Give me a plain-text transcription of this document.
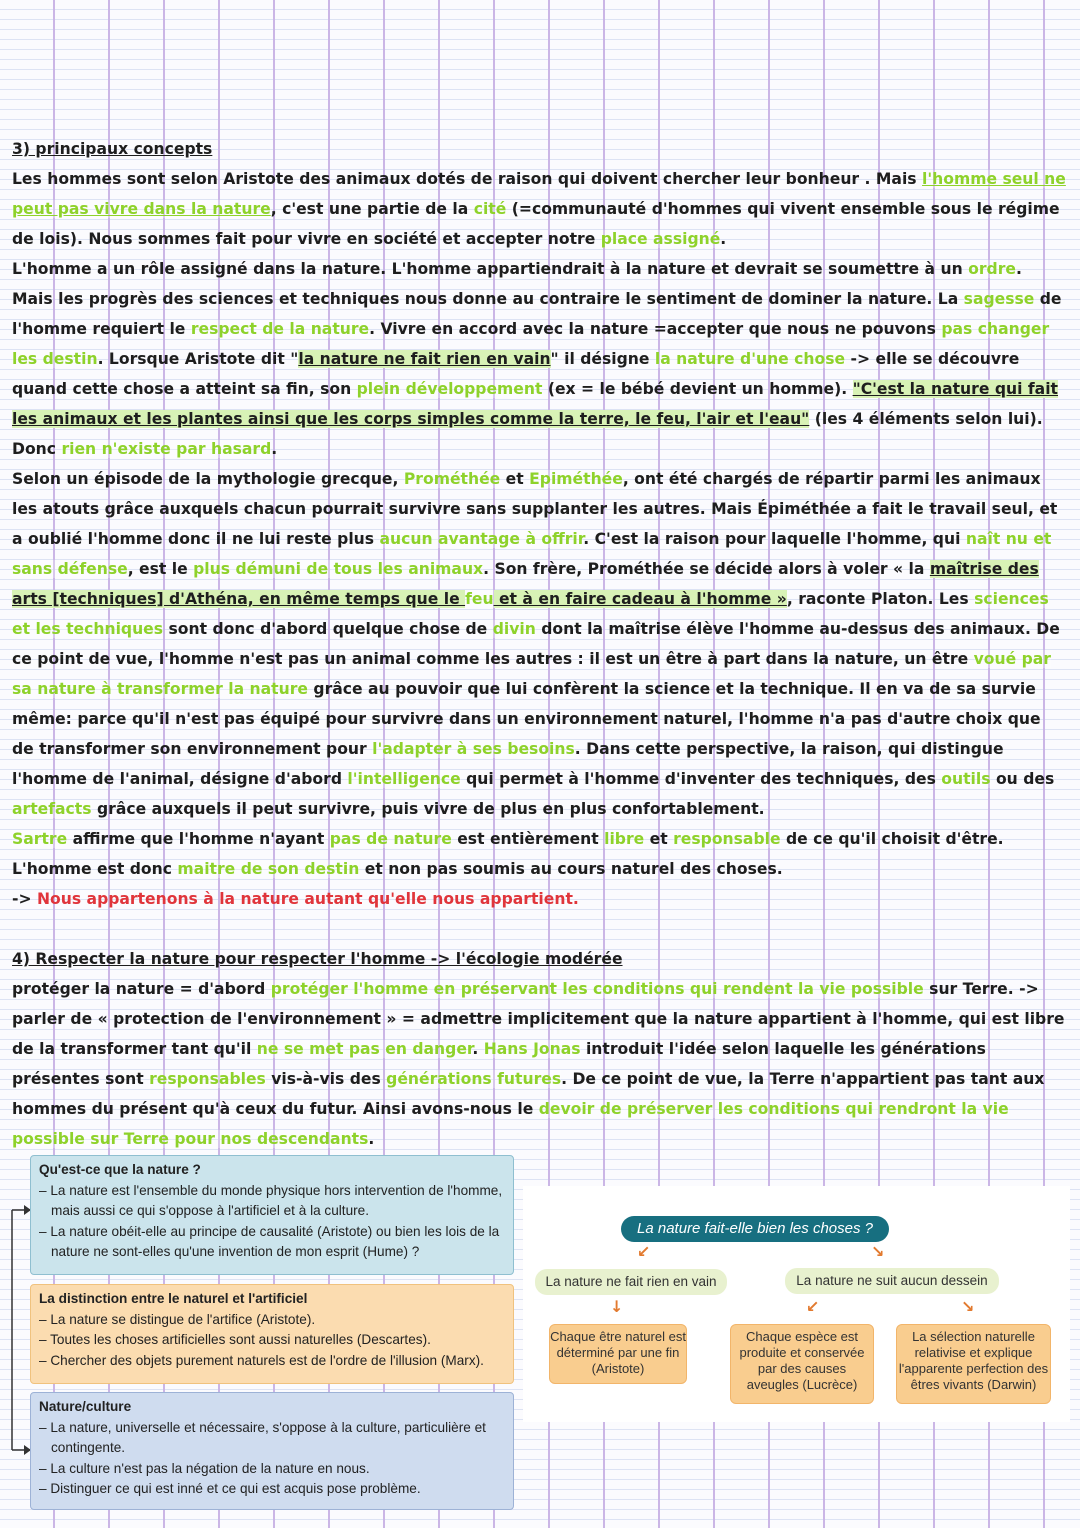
3) principaux concepts

Les hommes sont selon Aristote des animaux dotés de raison qui doivent chercher leur bonheur . Mais l'homme seul ne peut pas vivre dans la nature, c'est une partie de la cité (=communauté d'hommes qui vivent ensemble sous le régime de lois). Nous sommes fait pour vivre en société et accepter notre place assigné.

L'homme a un rôle assigné dans la nature. L'homme appartiendrait à la nature et devrait se soumettre à un ordre. Mais les progrès des sciences et techniques nous donne au contraire le sentiment de dominer la nature. La sagesse de l'homme requiert le respect de la nature. Vivre en accord avec la nature =accepter que nous ne pouvons pas changer les destin. Lorsque Aristote dit "la nature ne fait rien en vain" il désigne la nature d'une chose -> elle se découvre quand cette chose a atteint sa fin, son plein développement (ex = le bébé devient un homme). "C'est la nature qui fait les animaux et les plantes ainsi que les corps simples comme la terre, le feu, l'air et l'eau" (les 4 éléments selon lui). Donc rien n'existe par hasard.

Selon un épisode de la mythologie grecque, Prométhée et Epiméthée, ont été chargés de répartir parmi les animaux les atouts grâce auxquels chacun pourrait survivre sans supplanter les autres. Mais Épiméthée a fait le travail seul, et a oublié l'homme donc il ne lui reste plus aucun avantage à offrir. C'est la raison pour laquelle l'homme, qui naît nu et sans défense, est le plus démuni de tous les animaux. Son frère, Prométhée se décide alors à voler « la maîtrise des arts [techniques] d'Athéna, en même temps que le feu et à en faire cadeau à l'homme », raconte Platon. Les sciences et les techniques sont donc d'abord quelque chose de divin dont la maîtrise élève l'homme au-dessus des animaux. De ce point de vue, l'homme n'est pas un animal comme les autres : il est un être à part dans la nature, un être voué par sa nature à transformer la nature grâce au pouvoir que lui confèrent la science et la technique. Il en va de sa survie même: parce qu'il n'est pas équipé pour survivre dans un environnement naturel, l'homme n'a pas d'autre choix que de transformer son environnement pour l'adapter à ses besoins. Dans cette perspective, la raison, qui distingue l'homme de l'animal, désigne d'abord l'intelligence qui permet à l'homme d'inventer des techniques, des outils ou des artefacts grâce auxquels il peut survivre, puis vivre de plus en plus confortablement.

Sartre affirme que l'homme n'ayant pas de nature est entièrement libre et responsable de ce qu'il choisit d'être. L'homme est donc maitre de son destin et non pas soumis au cours naturel des choses.

-> Nous appartenons à la nature autant qu'elle nous appartient.

4) Respecter la nature pour respecter l'homme -> l'écologie modérée

protéger la nature = d'abord protéger l'homme en préservant les conditions qui rendent la vie possible sur Terre. -> parler de « protection de l'environnement » = admettre implicitement que la nature appartient à l'homme, qui est libre de la transformer tant qu'il ne se met pas en danger. Hans Jonas introduit l'idée selon laquelle les générations présentes sont responsables vis-à-vis des générations futures. De ce point de vue, la Terre n'appartient pas tant aux hommes du présent qu'à ceux du futur. Ainsi avons-nous le devoir de préserver les conditions qui rendront la vie possible sur Terre pour nos descendants.

Qu'est-ce que la nature ?
– La nature est l'ensemble du monde physique hors intervention de l'homme, mais aussi ce qui s'oppose à l'artificiel et à la culture.
– La nature obéit-elle au principe de causalité (Aristote) ou bien les lois de la nature ne sont-elles qu'une invention de mon esprit (Hume) ?
La distinction entre le naturel et l'artificiel
– La nature se distingue de l'artifice (Aristote).
– Toutes les choses artificielles sont aussi naturelles (Descartes).
– Chercher des objets purement naturels est de l'ordre de l'illusion (Marx).
Nature/culture
– La nature, universelle et nécessaire, s'oppose à la culture, particulière et contingente.
– La culture n'est pas la négation de la nature en nous.
– Distinguer ce qui est inné et ce qui est acquis pose problème.
La nature fait-elle bien les choses ?
↙	↘
La nature ne fait rien en vain	La nature ne suit aucun dessein
↓	↙	↘
Chaque être naturel est déterminé par une fin (Aristote)
Chaque espèce est produite et conservée par des causes aveugles (Lucrèce)
La sélection naturelle relativise et explique l'apparente perfection des êtres vivants (Darwin)
